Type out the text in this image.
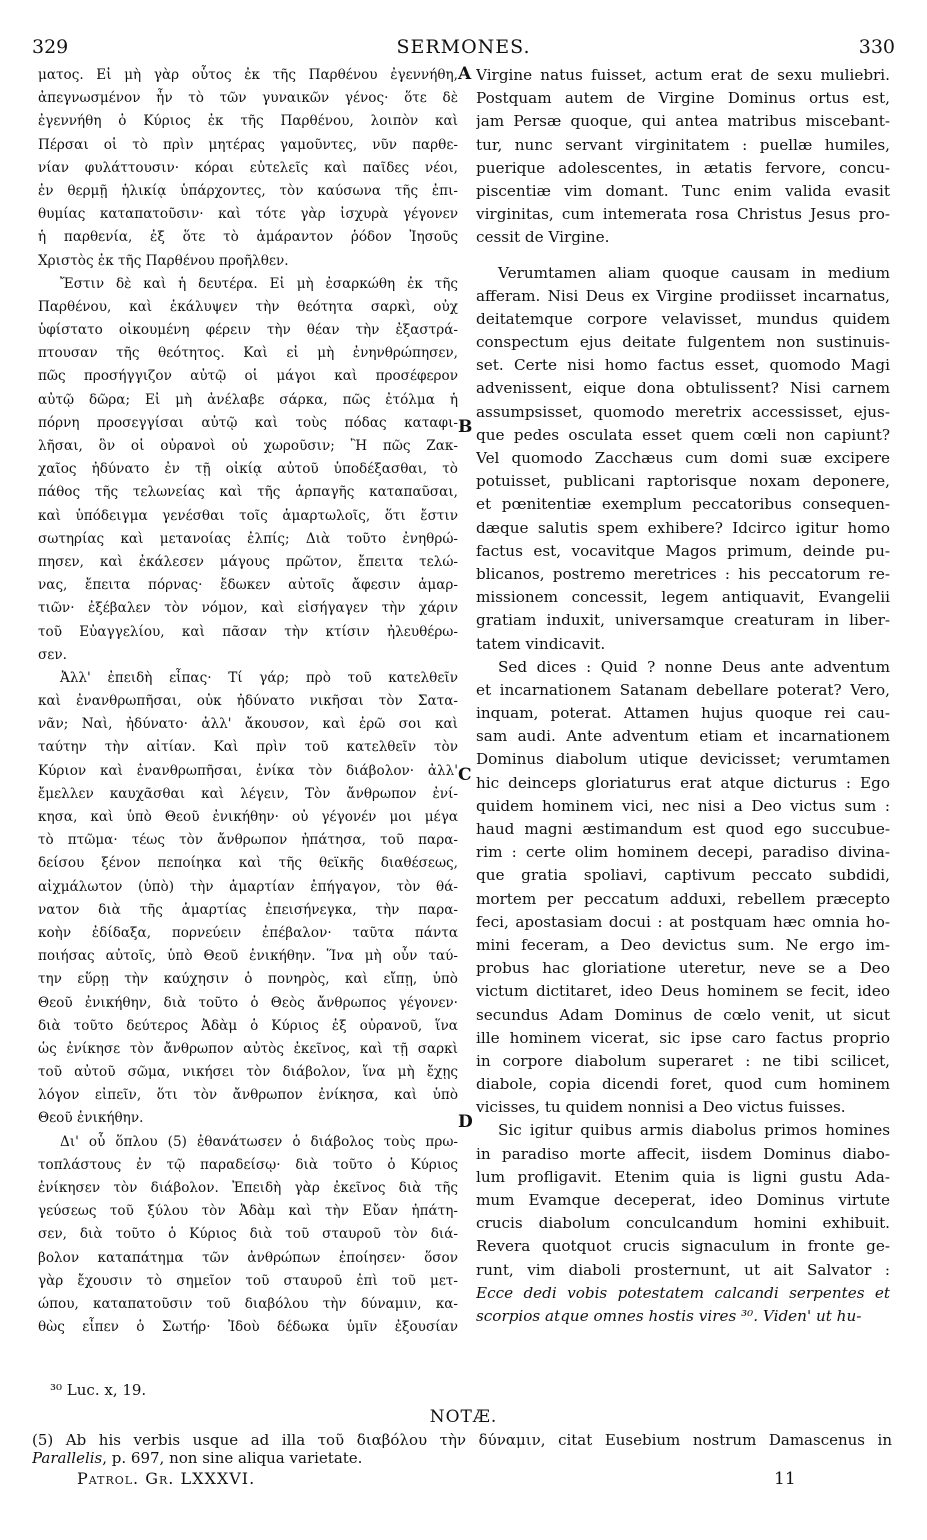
329	SERMONES.	330
ματος. Εἰ μὴ γὰρ οὗτος ἐκ τῆς Παρθένου ἐγεννήθη,
ἀπεγνωσμένον ἦν τὸ τῶν γυναικῶν γένος· ὅτε δὲ
ἐγεννήθη ὁ Κύριος ἐκ τῆς Παρθένου, λοιπὸν καὶ
Πέρσαι οἱ τὸ πρὶν μητέρας γαμοῦντες, νῦν παρθε-
νίαν φυλάττουσιν· κόραι εὐτελεῖς καὶ παῖδες νέοι,
ἐν θερμῇ ἡλικίᾳ ὑπάρχοντες, τὸν καύσωνα τῆς ἐπι-
θυμίας καταπατοῦσιν· καὶ τότε γὰρ ἰσχυρὰ γέγονεν
ἡ παρθενία, ἐξ ὅτε τὸ ἀμάραντον ῥόδον Ἰησοῦς
Χριστὸς ἐκ τῆς Παρθένου προῆλθεν.
Ἔστιν δὲ καὶ ἡ δευτέρα. Εἰ μὴ ἐσαρκώθη ἐκ τῆς
Παρθένου, καὶ ἐκάλυψεν τὴν θεότητα σαρκὶ, οὐχ
ὑφίστατο οἰκουμένη φέρειν τὴν θέαν τὴν ἐξαστρά-
πτουσαν τῆς θεότητος. Καὶ εἰ μὴ ἐνηνθρώπησεν,
πῶς προσήγγιζον αὐτῷ οἱ μάγοι καὶ προσέφερον
αὐτῷ δῶρα; Εἰ μὴ ἀνέλαβε σάρκα, πῶς ἐτόλμα ἡ
πόρνη προσεγγίσαι αὐτῷ καὶ τοὺς πόδας καταφι-
λῆσαι, ὃν οἱ οὐρανοὶ οὐ χωροῦσιν; Ἢ πῶς Ζακ-
χαῖος ἠδύνατο ἐν τῇ οἰκίᾳ αὐτοῦ ὑποδέξασθαι, τὸ
πάθος τῆς τελωνείας καὶ τῆς ἁρπαγῆς καταπαῦσαι,
καὶ ὑπόδειγμα γενέσθαι τοῖς ἁμαρτωλοῖς, ὅτι ἔστιν
σωτηρίας καὶ μετανοίας ἐλπίς; Διὰ τοῦτο ἐνηθρώ-
πησεν, καὶ ἐκάλεσεν μάγους πρῶτον, ἔπειτα τελώ-
νας, ἔπειτα πόρνας· ἔδωκεν αὐτοῖς ἄφεσιν ἁμαρ-
τιῶν· ἐξέβαλεν τὸν νόμον, καὶ εἰσήγαγεν τὴν χάριν
τοῦ Εὐαγγελίου, καὶ πᾶσαν τὴν κτίσιν ἠλευθέρω-
σεν.
Ἀλλ' ἐπειδὴ εἶπας· Τί γάρ; πρὸ τοῦ κατελθεῖν
καὶ ἐνανθρωπῆσαι, οὐκ ἠδύνατο νικῆσαι τὸν Σατα-
νᾶν; Ναὶ, ἠδύνατο· ἀλλ' ἄκουσον, καὶ ἐρῶ σοι καὶ
ταύτην τὴν αἰτίαν. Καὶ πρὶν τοῦ κατελθεῖν τὸν
Κύριον καὶ ἐνανθρωπῆσαι, ἐνίκα τὸν διάβολον· ἀλλ'
ἔμελλεν καυχᾶσθαι καὶ λέγειν, Τὸν ἄνθρωπον ἐνί-
κησα, καὶ ὑπὸ Θεοῦ ἐνικήθην· οὐ γέγονέν μοι μέγα
τὸ πτῶμα· τέως τὸν ἄνθρωπον ἠπάτησα, τοῦ παρα-
δείσου ξένον πεποίηκα καὶ τῆς θεϊκῆς διαθέσεως,
αἰχμάλωτον (ὑπὸ) τὴν ἁμαρτίαν ἐπήγαγον, τὸν θά-
νατον διὰ τῆς ἁμαρτίας ἐπεισήνεγκα, τὴν παρα-
κοὴν ἐδίδαξα, πορνεύειν ἐπέβαλον· ταῦτα πάντα
ποιήσας αὐτοῖς, ὑπὸ Θεοῦ ἐνικήθην. Ἵνα μὴ οὖν ταύ-
την εὕρῃ τὴν καύχησιν ὁ πονηρὸς, καὶ εἴπῃ, ὑπὸ
Θεοῦ ἐνικήθην, διὰ τοῦτο ὁ Θεὸς ἄνθρωπος γέγονεν·
διὰ τοῦτο δεύτερος Ἀδὰμ ὁ Κύριος ἐξ οὐρανοῦ, ἵνα
ὡς ἐνίκησε τὸν ἄνθρωπον αὐτὸς ἐκεῖνος, καὶ τῇ σαρκὶ
τοῦ αὐτοῦ σῶμα, νικήσει τὸν διάβολον, ἵνα μὴ ἔχῃς
λόγον εἰπεῖν, ὅτι τὸν ἄνθρωπον ἐνίκησα, καὶ ὑπὸ
Θεοῦ ἐνικήθην.
Δι' οὗ ὅπλου (5) ἐθανάτωσεν ὁ διάβολος τοὺς πρω-
τοπλάστους ἐν τῷ παραδείσῳ· διὰ τοῦτο ὁ Κύριος
ἐνίκησεν τὸν διάβολον. Ἐπειδὴ γὰρ ἐκεῖνος διὰ τῆς
γεύσεως τοῦ ξύλου τὸν Ἀδὰμ καὶ τὴν Εὔαν ἠπάτη-
σεν, διὰ τοῦτο ὁ Κύριος διὰ τοῦ σταυροῦ τὸν διά-
βολον καταπάτημα τῶν ἀνθρώπων ἐποίησεν· ὅσον
γὰρ ἔχουσιν τὸ σημεῖον τοῦ σταυροῦ ἐπὶ τοῦ μετ-
ώπου, καταπατοῦσιν τοῦ διαβόλου τὴν δύναμιν, κα-
θὼς εἶπεν ὁ Σωτήρ· Ἰδοὺ δέδωκα ὑμῖν ἐξουσίαν
Virgine natus fuisset, actum erat de sexu muliebri.
Postquam autem de Virgine Dominus ortus est,
jam Persæ quoque, qui antea matribus miscebant-
tur, nunc servant virginitatem : puellæ humiles,
puerique adolescentes, in ætatis fervore, concu-
piscentiæ vim domant. Tunc enim valida evasit
virginitas, cum intemerata rosa Christus Jesus pro-
cessit de Virgine.
Verumtamen aliam quoque causam in medium
afferam. Nisi Deus ex Virgine prodiisset incarnatus,
deitatemque corpore velavisset, mundus quidem
conspectum ejus deitate fulgentem non sustinuis-
set. Certe nisi homo factus esset, quomodo Magi
advenissent, eique dona obtulissent? Nisi carnem
assumpsisset, quomodo meretrix accessisset, ejus-
que pedes osculata esset quem cœli non capiunt?
Vel quomodo Zacchæus cum domi suæ excipere
potuisset, publicani raptorisque noxam deponere,
et pœnitentiæ exemplum peccatoribus consequen-
dæque salutis spem exhibere? Idcirco igitur homo
factus est, vocavitque Magos primum, deinde pu-
blicanos, postremo meretrices : his peccatorum re-
missionem concessit, legem antiquavit, Evangelii
gratiam induxit, universamque creaturam in liber-
tatem vindicavit.
Sed dices : Quid ? nonne Deus ante adventum
et incarnationem Satanam debellare poterat? Vero,
inquam, poterat. Attamen hujus quoque rei cau-
sam audi. Ante adventum etiam et incarnationem
Dominus diabolum utique devicisset; verumtamen
hic deinceps gloriaturus erat atque dicturus : Ego
quidem hominem vici, nec nisi a Deo victus sum :
haud magni æstimandum est quod ego succubue-
rim : certe olim hominem decepi, paradiso divina-
que gratia spoliavi, captivum peccato subdidi,
mortem per peccatum adduxi, rebellem præcepto
feci, apostasiam docui : at postquam hæc omnia ho-
mini feceram, a Deo devictus sum. Ne ergo im-
probus hac gloriatione uteretur, neve se a Deo
victum dictitaret, ideo Deus hominem se fecit, ideo
secundus Adam Dominus de cœlo venit, ut sicut
ille hominem vicerat, sic ipse caro factus proprio
in corpore diabolum superaret : ne tibi scilicet,
diabole, copia dicendi foret, quod cum hominem
vicisses, tu quidem nonnisi a Deo victus fuisses.
Sic igitur quibus armis diabolus primos homines
in paradiso morte affecit, iisdem Dominus diabo-
lum profligavit. Etenim quia is ligni gustu Ada-
mum Evamque deceperat, ideo Dominus virtute
crucis diabolum conculcandum homini exhibuit.
Revera quotquot crucis signaculum in fronte ge-
runt, vim diaboli prosternunt, ut ait Salvator :
Ecce dedi vobis potestatem calcandi serpentes et
scorpios atque omnes hostis vires ³⁰. Viden' ut hu-
A
B
C
D
³⁰ Luc. x, 19.
NOTÆ.
(5) Ab his verbis usque ad illa τοῦ διαβόλου τὴν δύναμιν, citat Eusebium nostrum Damascenus in
Parallelis, p. 697, non sine aliqua varietate.
Patrol. Gr. LXXXVI.	11
